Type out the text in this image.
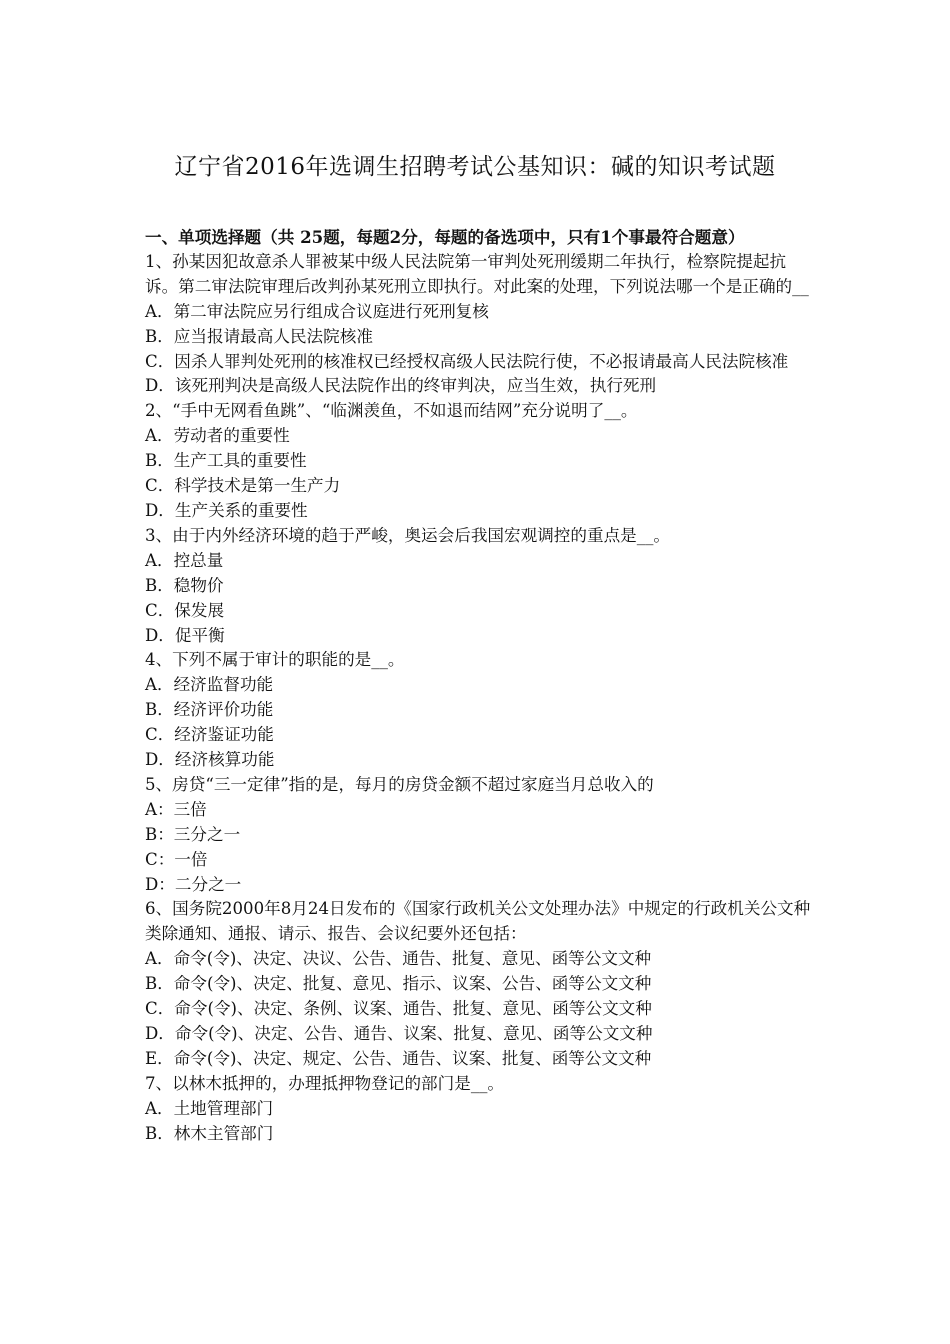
辽宁省2016年选调生招聘考试公基知识：碱的知识考试题
一、单项选择题（共 25题，每题2分，每题的备选项中，只有1个事最符合题意）
1、孙某因犯故意杀人罪被某中级人民法院第一审判处死刑缓期二年执行，检察院提起抗诉。第二审法院审理后改判孙某死刑立即执行。对此案的处理，下列说法哪一个是正确的__
A．第二审法院应另行组成合议庭进行死刑复核
B．应当报请最高人民法院核准
C．因杀人罪判处死刑的核准权已经授权高级人民法院行使，不必报请最高人民法院核准
D．该死刑判决是高级人民法院作出的终审判决，应当生效，执行死刑
2、“手中无网看鱼跳”、“临渊羡鱼，不如退而结网”充分说明了__。
A．劳动者的重要性
B．生产工具的重要性
C．科学技术是第一生产力
D．生产关系的重要性
3、由于内外经济环境的趋于严峻，奥运会后我国宏观调控的重点是__。
A．控总量
B．稳物价
C．保发展
D．促平衡
4、下列不属于审计的职能的是__。
A．经济监督功能
B．经济评价功能
C．经济鉴证功能
D．经济核算功能
5、房贷“三一定律”指的是，每月的房贷金额不超过家庭当月总收入的
A：三倍
B：三分之一
C：一倍
D：二分之一
6、国务院2000年8月24日发布的《国家行政机关公文处理办法》中规定的行政机关公文种类除通知、通报、请示、报告、会议纪要外还包括：
A．命令(令)、决定、决议、公告、通告、批复、意见、函等公文文种
B．命令(令)、决定、批复、意见、指示、议案、公告、函等公文文种
C．命令(令)、决定、条例、议案、通告、批复、意见、函等公文文种
D．命令(令)、决定、公告、通告、议案、批复、意见、函等公文文种
E．命令(令)、决定、规定、公告、通告、议案、批复、函等公文文种
7、以林木抵押的，办理抵押物登记的部门是__。
A．土地管理部门
B．林木主管部门
